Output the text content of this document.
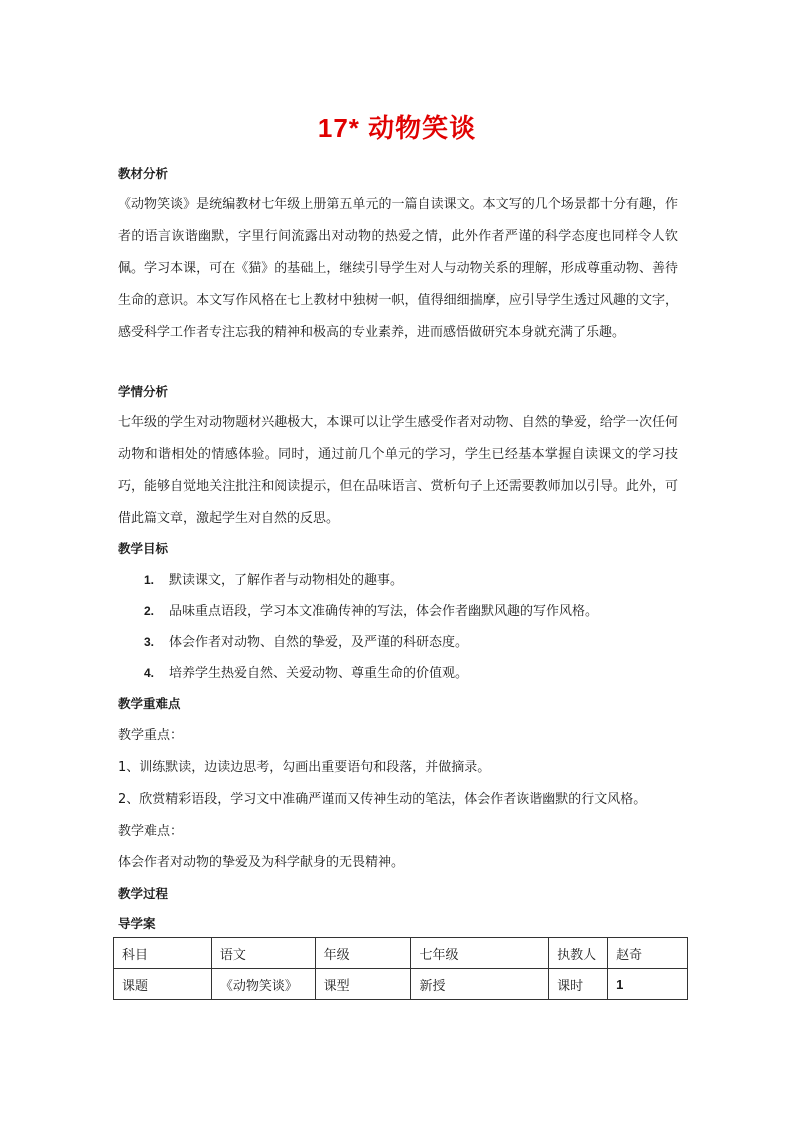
17* 动物笑谈
教材分析
《动物笑谈》是统编教材七年级上册第五单元的一篇自读课文。本文写的几个场景都十分有趣，作者的语言诙谐幽默，字里行间流露出对动物的热爱之情，此外作者严谨的科学态度也同样令人钦佩。学习本课，可在《猫》的基础上，继续引导学生对人与动物关系的理解，形成尊重动物、善待生命的意识。本文写作风格在七上教材中独树一帜，值得细细揣摩，应引导学生透过风趣的文字，感受科学工作者专注忘我的精神和极高的专业素养，进而感悟做研究本身就充满了乐趣。
学情分析
七年级的学生对动物题材兴趣极大，本课可以让学生感受作者对动物、自然的挚爱，给学一次任何动物和谐相处的情感体验。同时，通过前几个单元的学习，学生已经基本掌握自读课文的学习技巧，能够自觉地关注批注和阅读提示，但在品味语言、赏析句子上还需要教师加以引导。此外，可借此篇文章，激起学生对自然的反思。
教学目标
1. 默读课文，了解作者与动物相处的趣事。
2. 品味重点语段，学习本文准确传神的写法，体会作者幽默风趣的写作风格。
3. 体会作者对动物、自然的挚爱，及严谨的科研态度。
4. 培养学生热爱自然、关爱动物、尊重生命的价值观。
教学重难点
教学重点：
1、训练默读，边读边思考，勾画出重要语句和段落，并做摘录。
2、欣赏精彩语段，学习文中准确严谨而又传神生动的笔法，体会作者诙谐幽默的行文风格。
教学难点：
体会作者对动物的挚爱及为科学献身的无畏精神。
教学过程
导学案
科目	语文	年级	七年级	执教人	赵奇
课题	《动物笑谈》	课型	新授	课时	1
